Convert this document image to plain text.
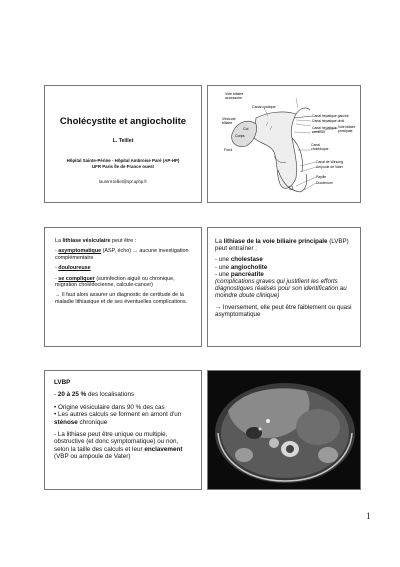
Cholécystite et angiocholite
L. Teillet
Hôpital Sainte-Périne - Hôpital Ambroise Paré (AP-HP)
UFR Paris Île de France ouest
laurent.teillet@spr.aphp.fr
Voie biliaire accessoire
Canal cystique
Vésicule biliaire
Canal hépatique gauche
Canal hépatique droit
Canal hépatique commun
Voie biliaire principale
Col
Corps
Fond
Canal cholédoque
Canal de Wirsung
Ampoule de Vater
Papille
Duodénum

La lithiase vésiculaire peut être :

- asymptomatique (ASP, écho) → aucune investigation complémentaire

- douloureuse

- se compliquer (surinfection aiguë ou chronique, migration cholédocienne, calcule-cancer)

→ Il faut alors assurer un diagnostic de certitude de la maladie lithiasique et de ses éventuelles complications.

La lithiase de la voie biliaire principale (LVBP) peut entraîner :

- une cholestase
- une angiocholite
- une pancréatite

(complications graves qui justifient les efforts diagnostiques réalisés pour son identification au moindre doute clinique)

→ Inversement, elle peut être faiblement ou quasi asymptomatique

LVBP

- 20 à 25 % des localisations

• Origine vésiculaire dans 90 % des cas

• Les autres calculs se forment en amont d'un sténose chronique

- La lithiase peut être unique ou multiple, obstructive (et donc symptomatique) ou non, selon la taille des calculs et leur enclavement (VBP ou ampoule de Vater)

1
